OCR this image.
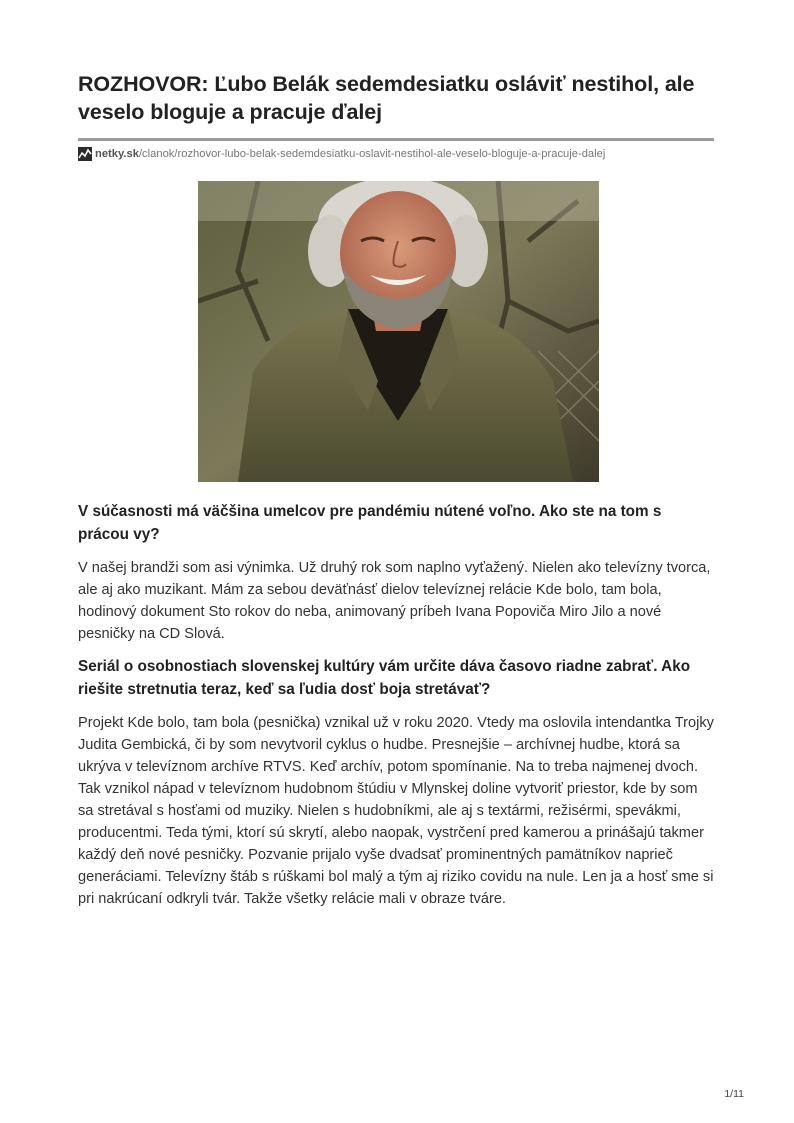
ROZHOVOR: Ľubo Belák sedemdesiatku osláviť nestihol, ale veselo bloguje a pracuje ďalej
netky.sk /clanok/rozhovor-lubo-belak-sedemdesiatku-oslavit-nestihol-ale-veselo-bloguje-a-pracuje-dalej

V súčasnosti má väčšina umelcov pre pandémiu nútené voľno. Ako ste na tom s prácou vy?

V našej brandži som asi výnimka. Už druhý rok som naplno vyťažený. Nielen ako televízny tvorca, ale aj ako muzikant. Mám za sebou deväťnásť dielov televíznej relácie Kde bolo, tam bola, hodinový dokument Sto rokov do neba, animovaný príbeh Ivana Popoviča Miro Jilo a nové pesničky na CD Slová.

Seriál o osobnostiach slovenskej kultúry vám určite dáva časovo riadne zabrať. Ako riešite stretnutia teraz, keď sa ľudia dosť boja stretávať?

Projekt Kde bolo, tam bola (pesnička) vznikal už v roku 2020. Vtedy ma oslovila intendantka Trojky Judita Gembická, či by som nevytvoril cyklus o hudbe. Presnejšie – archívnej hudbe, ktorá sa ukrýva v televíznom archíve RTVS. Keď archív, potom spomínanie. Na to treba najmenej dvoch. Tak vznikol nápad v televíznom hudobnom štúdiu v Mlynskej doline vytvoriť priestor, kde by som sa stretával s hosťami od muziky. Nielen s hudobníkmi, ale aj s textármi, režisérmi, spevákmi, producentmi. Teda tými, ktorí sú skrytí, alebo naopak, vystrčení pred kamerou a prinášajú takmer každý deň nové pesničky. Pozvanie prijalo vyše dvadsať prominentných pamätníkov naprieč generáciami. Televízny štáb s rúškami bol malý a tým aj riziko covidu na nule. Len ja a hosť sme si pri nakrúcaní odkryli tvár. Takže všetky relácie mali v obraze tváre.

1/11
